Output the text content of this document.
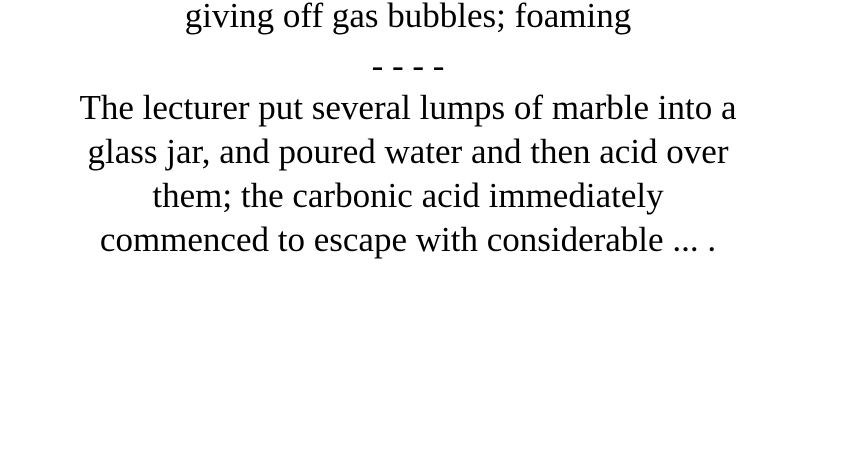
giving off gas bubbles; foaming
- - - -
The lecturer put several lumps of marble into a
glass jar, and poured water and then acid over
them; the carbonic acid immediately
commenced to escape with considerable ... .
